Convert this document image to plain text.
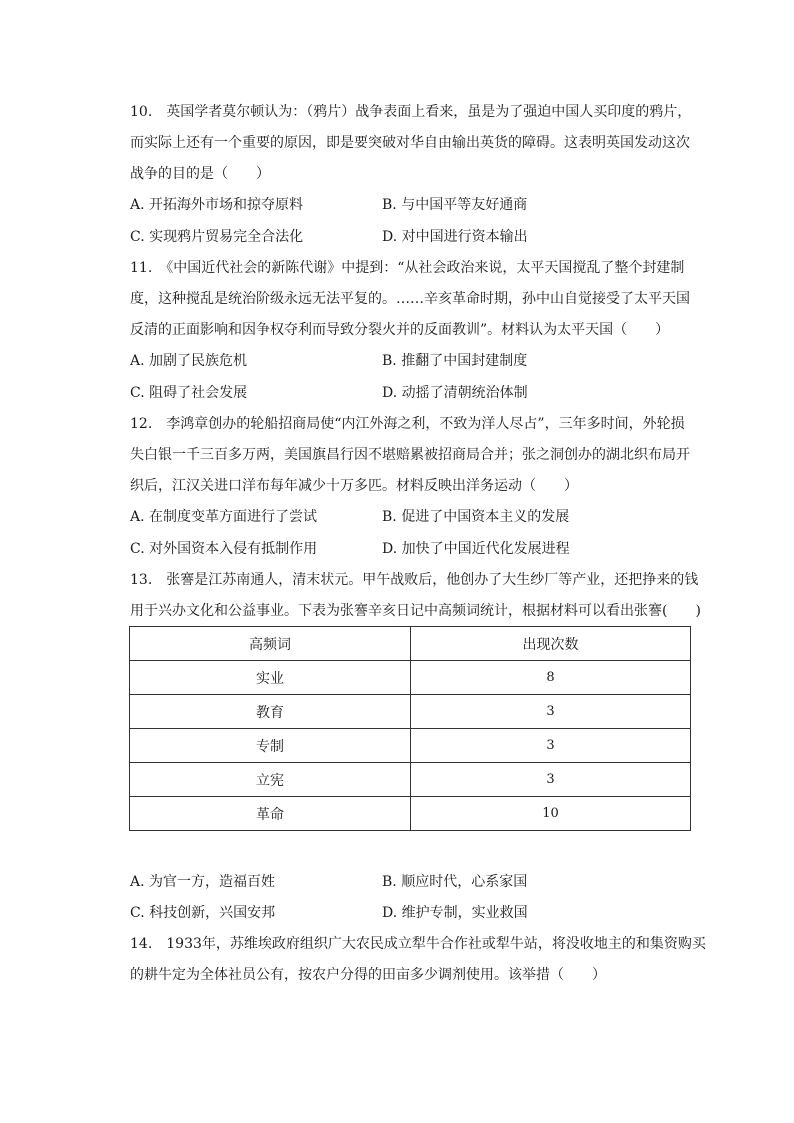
10.　英国学者莫尔顿认为：（鸦片）战争表面上看来，虽是为了强迫中国人买印度的鸦片，
而实际上还有一个重要的原因，即是要突破对华自由输出英货的障碍。这表明英国发动这次
战争的目的是（　　）
A. 开拓海外市场和掠夺原料	B. 与中国平等友好通商
C. 实现鸦片贸易完全合法化	D. 对中国进行资本输出
11.　《中国近代社会的新陈代谢》中提到：“从社会政治来说，太平天国搅乱了整个封建制
度，这种搅乱是统治阶级永远无法平复的。……辛亥革命时期，孙中山自觉接受了太平天国
反清的正面影响和因争权夺利而导致分裂火并的反面教训”。材料认为太平天国（　　）
A. 加剧了民族危机	B. 推翻了中国封建制度
C. 阻碍了社会发展	D. 动摇了清朝统治体制
12.　李鸿章创办的轮船招商局使“内江外海之利，不致为洋人尽占”，三年多时间，外轮损
失白银一千三百多万两，美国旗昌行因不堪赔累被招商局合并；张之洞创办的湖北织布局开
织后，江汉关进口洋布每年减少十万多匹。材料反映出洋务运动（　　）
A. 在制度变革方面进行了尝试	B. 促进了中国资本主义的发展
C. 对外国资本入侵有抵制作用	D. 加快了中国近代化发展进程
13.　张謇是江苏南通人，清末状元。甲午战败后，他创办了大生纱厂等产业，还把挣来的钱
用于兴办文化和公益事业。下表为张謇辛亥日记中高频词统计，根据材料可以看出张謇(　　)
高频词	出现次数
实业	8
教育	3
专制	3
立宪	3
革命	10
A. 为官一方，造福百姓	B. 顺应时代，心系家国
C. 科技创新，兴国安邦	D. 维护专制，实业救国
14.　1933年，苏维埃政府组织广大农民成立犁牛合作社或犁牛站，将没收地主的和集资购买
的耕牛定为全体社员公有，按农户分得的田亩多少调剂使用。该举措（　　）
